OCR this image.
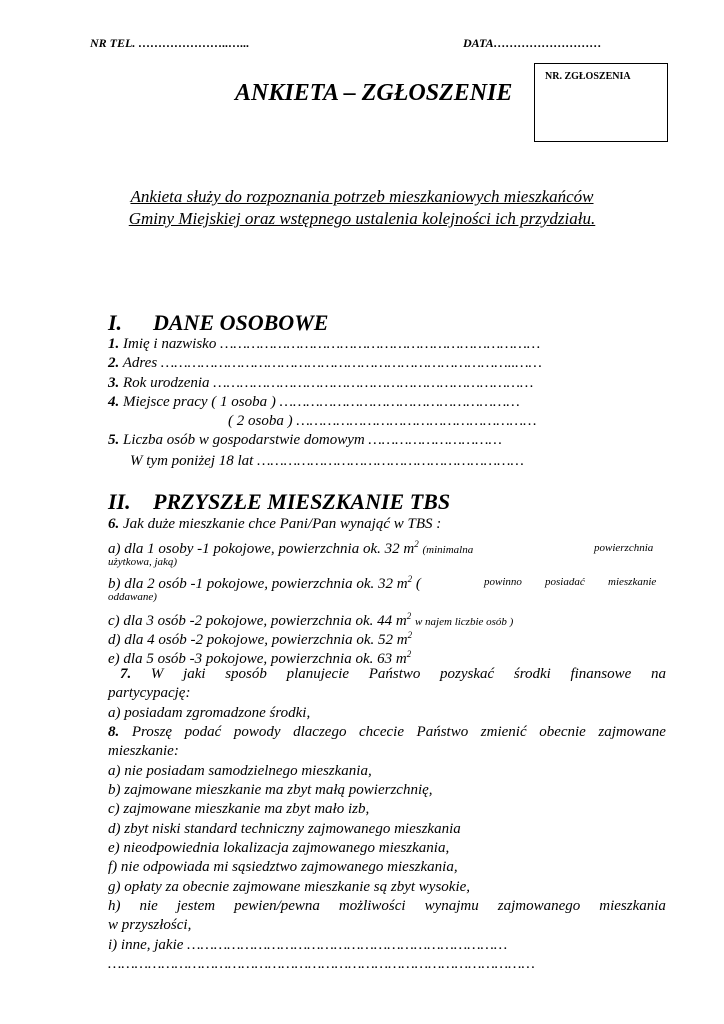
NR TEL. …………………..…...	DATA………………………
NR. ZGŁOSZENIA
ANKIETA – ZGŁOSZENIE
Ankieta służy do rozpoznania potrzeb mieszkaniowych mieszkańców
Gminy Miejskiej oraz wstępnego ustalenia kolejności ich przydziału.
I. DANE OSOBOWE
1. Imię i nazwisko ………………………………………………………………
2. Adres ……………………………………………………………………..……
3. Rok urodzenia ………………………………………………………………
4. Miejsce pracy ( 1 osoba ) ………………………………………………
( 2 osoba ) ………………………………………………
5. Liczba osób w gospodarstwie domowym …………………………
W tym poniżej 18 lat ……………………………………………………
II. PRZYSZŁE MIESZKANIE TBS
6. Jak duże mieszkanie chce Pani/Pan wynająć w TBS :
a) dla 1 osoby -1 pokojowe, powierzchnia ok. 32 $m^2$ (minimalna	powierzchnia
użytkowa, jaką)
b) dla 2 osób -1 pokojowe, powierzchnia ok. 32 $m^2$ (	powinno posiadać mieszkanie
oddawane)
c) dla 3 osób -2 pokojowe, powierzchnia ok. 44 $m^2$ w najem liczbie osób )
d) dla 4 osób -2 pokojowe, powierzchnia ok. 52 $m^2$
e) dla 5 osób -3 pokojowe, powierzchnia ok. 63 $m^2$
7. W jaki sposób planujecie Państwo pozyskać środki finansowe na
partycypację:
a) posiadam zgromadzone środki,
8. Proszę podać powody dlaczego chcecie Państwo zmienić obecnie zajmowane
mieszkanie:
a) nie posiadam samodzielnego mieszkania,
b) zajmowane mieszkanie ma zbyt małą powierzchnię,
c) zajmowane mieszkanie ma zbyt mało izb,
d) zbyt niski standard techniczny zajmowanego mieszkania
e) nieodpowiednia lokalizacja zajmowanego mieszkania,
f) nie odpowiada mi sąsiedztwo zajmowanego mieszkania,
g) opłaty za obecnie zajmowane mieszkanie są zbyt wysokie,
h) nie jestem pewien/pewna możliwości wynajmu zajmowanego mieszkania
w przyszłości,
i) inne, jakie ………………………………………………………………
……………………………………………………………………………………
